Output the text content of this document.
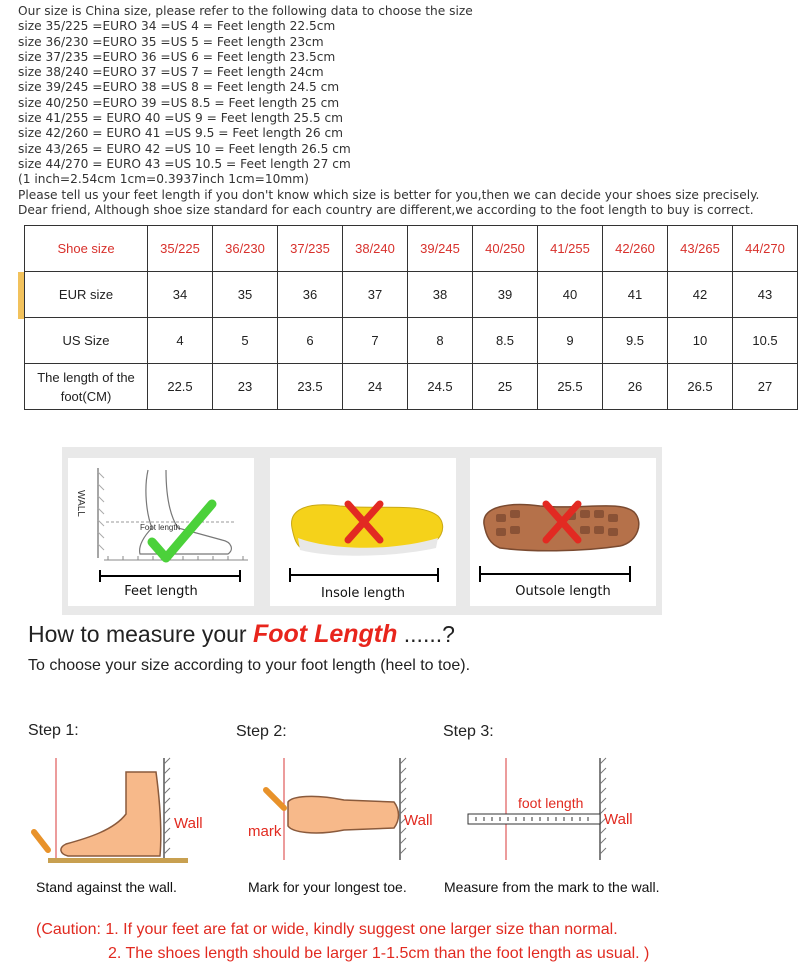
Our size is China size, please refer to the following data to choose the size
size 35/225 =EURO 34 =US 4 = Feet length 22.5cm
size 36/230 =EURO 35 =US 5 = Feet length 23cm
size 37/235 =EURO 36 =US 6 = Feet length 23.5cm
size 38/240 =EURO 37 =US 7 = Feet length 24cm
size 39/245 =EURO 38 =US 8 = Feet length 24.5 cm
size 40/250 =EURO 39 =US 8.5 = Feet length 25 cm
size 41/255 = EURO 40 =US 9 = Feet length 25.5 cm
size 42/260 = EURO 41 =US 9.5 = Feet length 26 cm
size 43/265 = EURO 42 =US 10 = Feet length 26.5 cm
size 44/270 = EURO 43 =US 10.5 = Feet length 27 cm
(1 inch=2.54cm 1cm=0.3937inch 1cm=10mm)
Please tell us your feet length if you don't know which size is better for you,then we can decide your shoes size precisely.
Dear friend, Although shoe size standard for each country are different,we according to the foot length to buy is correct.
Shoe size	35/225	36/230	37/235	38/240	39/245	40/250	41/255	42/260	43/265	44/270
EUR size	34	35	36	37	38	39	40	41	42	43
US Size	4	5	6	7	8	8.5	9	9.5	10	10.5
The length of the
foot(CM)	22.5	23	23.5	24	24.5	25	25.5	26	26.5	27
WALL
Foot length
Feet length	Insole length	Outsole length
How to measure your Foot Length ......?
To choose your size according to your foot length (heel to toe).
Step 1:	Step 2:	Step 3:
Wall
Stand against the wall.
mark
Wall
Mark for your longest toe.
foot length
Wall
Measure from the mark to the wall.
(Caution: 1. If your feet are fat or wide, kindly suggest one larger size than normal.
2. The shoes length should be larger 1-1.5cm than the foot length as usual. )
